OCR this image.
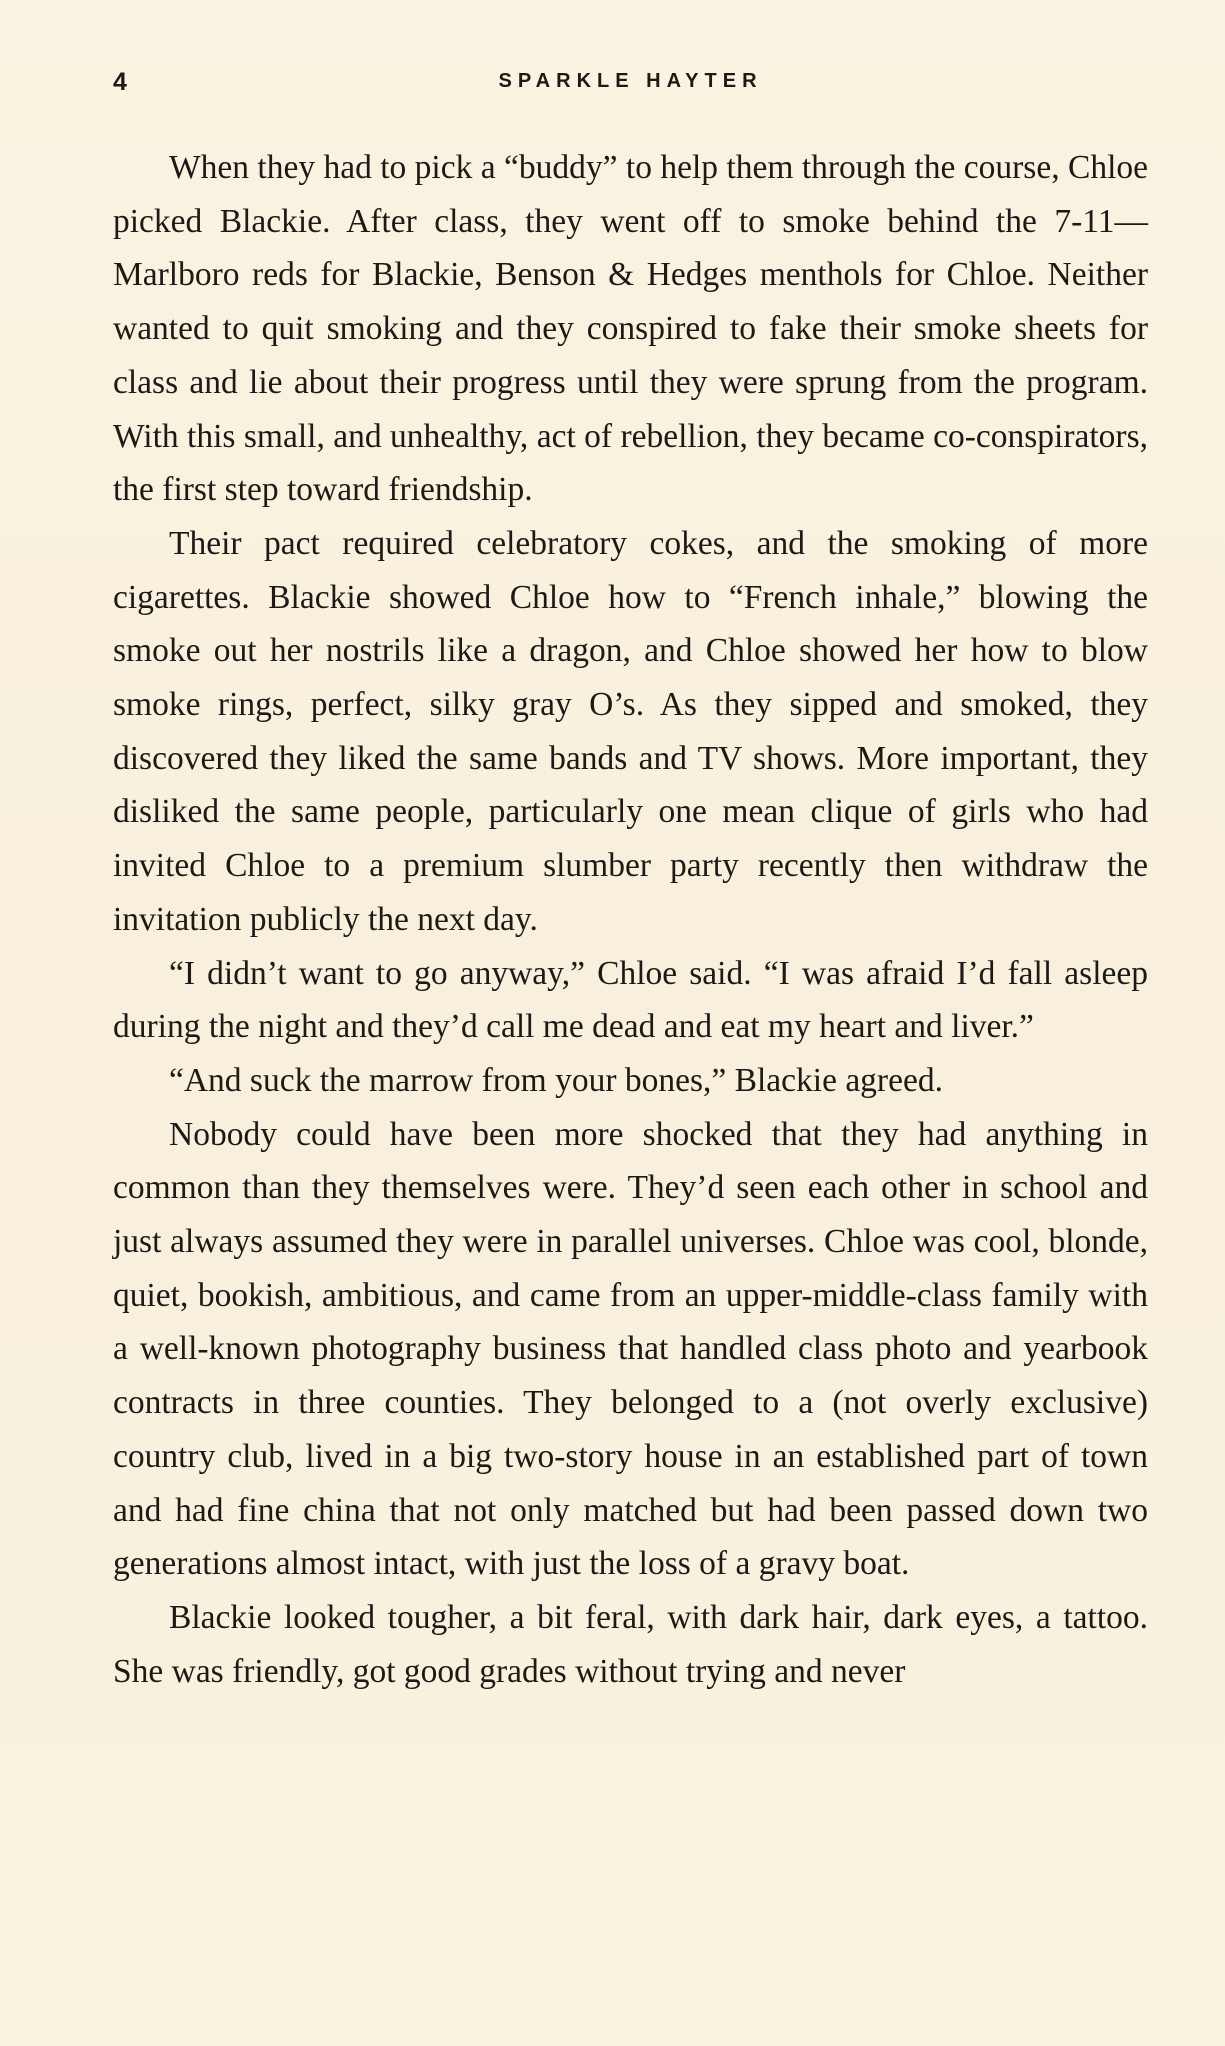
4	SPARKLE HAYTER

When they had to pick a “buddy” to help them through the course, Chloe picked Blackie. After class, they went off to smoke behind the 7-11—Marlboro reds for Blackie, Benson & Hedges menthols for Chloe. Neither wanted to quit smoking and they conspired to fake their smoke sheets for class and lie about their progress until they were sprung from the program. With this small, and unhealthy, act of rebellion, they became co-conspirators, the first step toward friendship.

Their pact required celebratory cokes, and the smoking of more cigarettes. Blackie showed Chloe how to “French inhale,” blowing the smoke out her nostrils like a dragon, and Chloe showed her how to blow smoke rings, perfect, silky gray O’s. As they sipped and smoked, they discovered they liked the same bands and TV shows. More important, they disliked the same people, particularly one mean clique of girls who had invited Chloe to a premium slumber party recently then withdraw the invitation publicly the next day.

“I didn’t want to go anyway,” Chloe said. “I was afraid I’d fall asleep during the night and they’d call me dead and eat my heart and liver.”

“And suck the marrow from your bones,” Blackie agreed.

Nobody could have been more shocked that they had anything in common than they themselves were. They’d seen each other in school and just always assumed they were in parallel universes. Chloe was cool, blonde, quiet, bookish, ambitious, and came from an upper-middle-class family with a well-known photography business that handled class photo and yearbook contracts in three counties. They belonged to a (not overly exclusive) country club, lived in a big two-story house in an established part of town and had fine china that not only matched but had been passed down two generations almost intact, with just the loss of a gravy boat.

Blackie looked tougher, a bit feral, with dark hair, dark eyes, a tattoo. She was friendly, got good grades without trying and never
